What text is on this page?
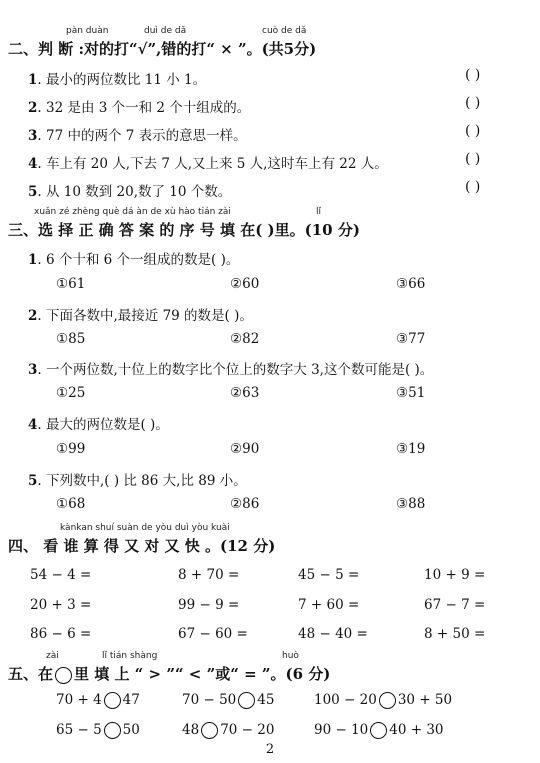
pàn duàn	duì de dǎ	cuò de dǎ
二、判 断 :对的打“√”,错的打“ × ”。(共5分)
1. 最小的两位数比 11 小 1。	( )
2. 32 是由 3 个一和 2 个十组成的。	( )
3. 77 中的两个 7 表示的意思一样。	( )
4. 车上有 20 人,下去 7 人,又上来 5 人,这时车上有 22 人。	( )
5. 从 10 数到 20,数了 10 个数。	( )
xuǎn zé zhèng què dá àn de xù hào tián zài	lǐ
三、选 择 正 确 答 案 的 序 号 填 在( )里。(10 分)
1. 6 个十和 6 个一组成的数是( )。
①61	②60	③66
2. 下面各数中,最接近 79 的数是( )。
①85	②82	③77
3. 一个两位数,十位上的数字比个位上的数字大 3,这个数可能是( )。
①25	②63	③51
4. 最大的两位数是( )。
①99	②90	③19
5. 下列数中,( ) 比 86 大,比 89 小。
①68	②86	③88
kànkan shuí suàn de yòu duì yòu kuài
四、 看 谁 算 得 又 对 又 快 。(12 分)
54 − 4 =	8 + 70 =	45 − 5 =	10 + 9 =
20 + 3 =	99 − 9 =	7 + 60 =	67 − 7 =
86 − 6 =	67 − 60 =	48 − 40 =	8 + 50 =
zài	lǐ tián shàng	huò
五、在 里 填 上 “ > ”“ < ”或“ = ”。(6 分)
70 + 4 47	70 − 50 45	100 − 20 30 + 50
65 − 5 50	48 70 − 20	90 − 10 40 + 30
2
